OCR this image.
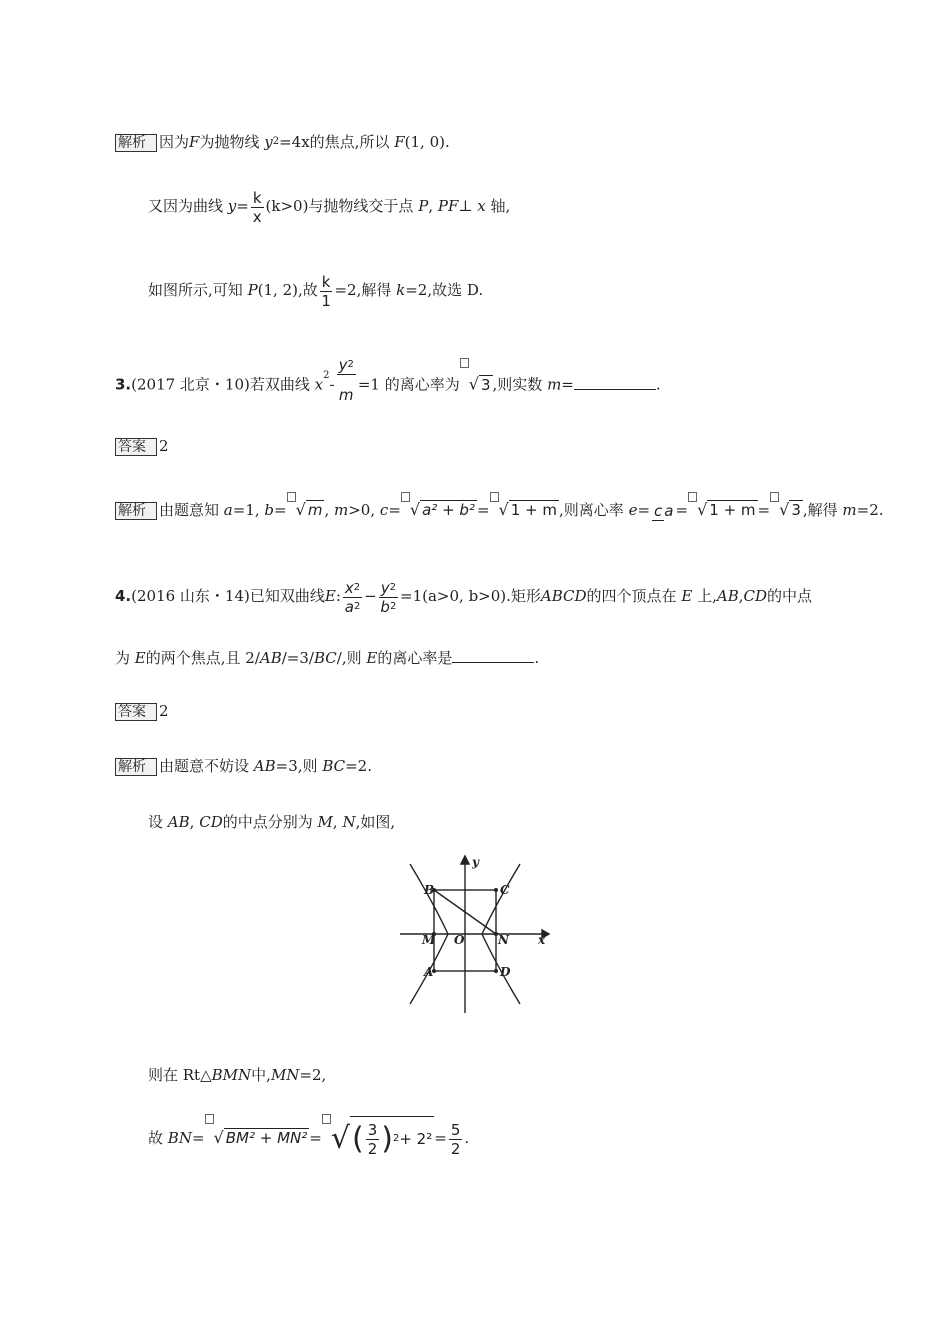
解析 因为F为抛物线 $y^2=4x$的焦点,所以 F(1, 0).
又因为曲线 $y= \frac{k}{x} (k>0)$与抛物线交于点 P, PF⊥ x 轴,
如图所示,可知 P(1, 2),故 $\frac{k}{1} =2$,解得 k=2,故选 D.
3.(2017 北京・10)若双曲线 $x^2- \frac{y^2}{m} =1$ 的离心率为 √ 3 ,则实数 m=	.
答案 2
解析 由题意知 a=1, b= √ m , m>0, c= √ a² + b² = √ 1 + m ,则离心率 e= c a = √ 1 + m = √ 3 ,解得 m=2.
4.(2016 山东・14)已知双曲线E: $\frac{x^2}{a^2} - \frac{y^2}{b^2} =1(a>0$, b>0).矩形ABCD的四个顶点在 E 上,AB,CD的中点
为 E的两个焦点,且 2/AB/=3/BC/,则 E的离心率是	.
答案 2
解析 由题意不妨设 AB=3,则 BC=2.
设 AB, CD的中点分别为 M, N,如图,
y
x
B	C
M O	N
A	D
则在 Rt△BMN中,MN=2,
故 BN= √ BM² + MN² = √( $\frac{3}{2} )^2+ 2^2 = \frac{5}{2}$ .
